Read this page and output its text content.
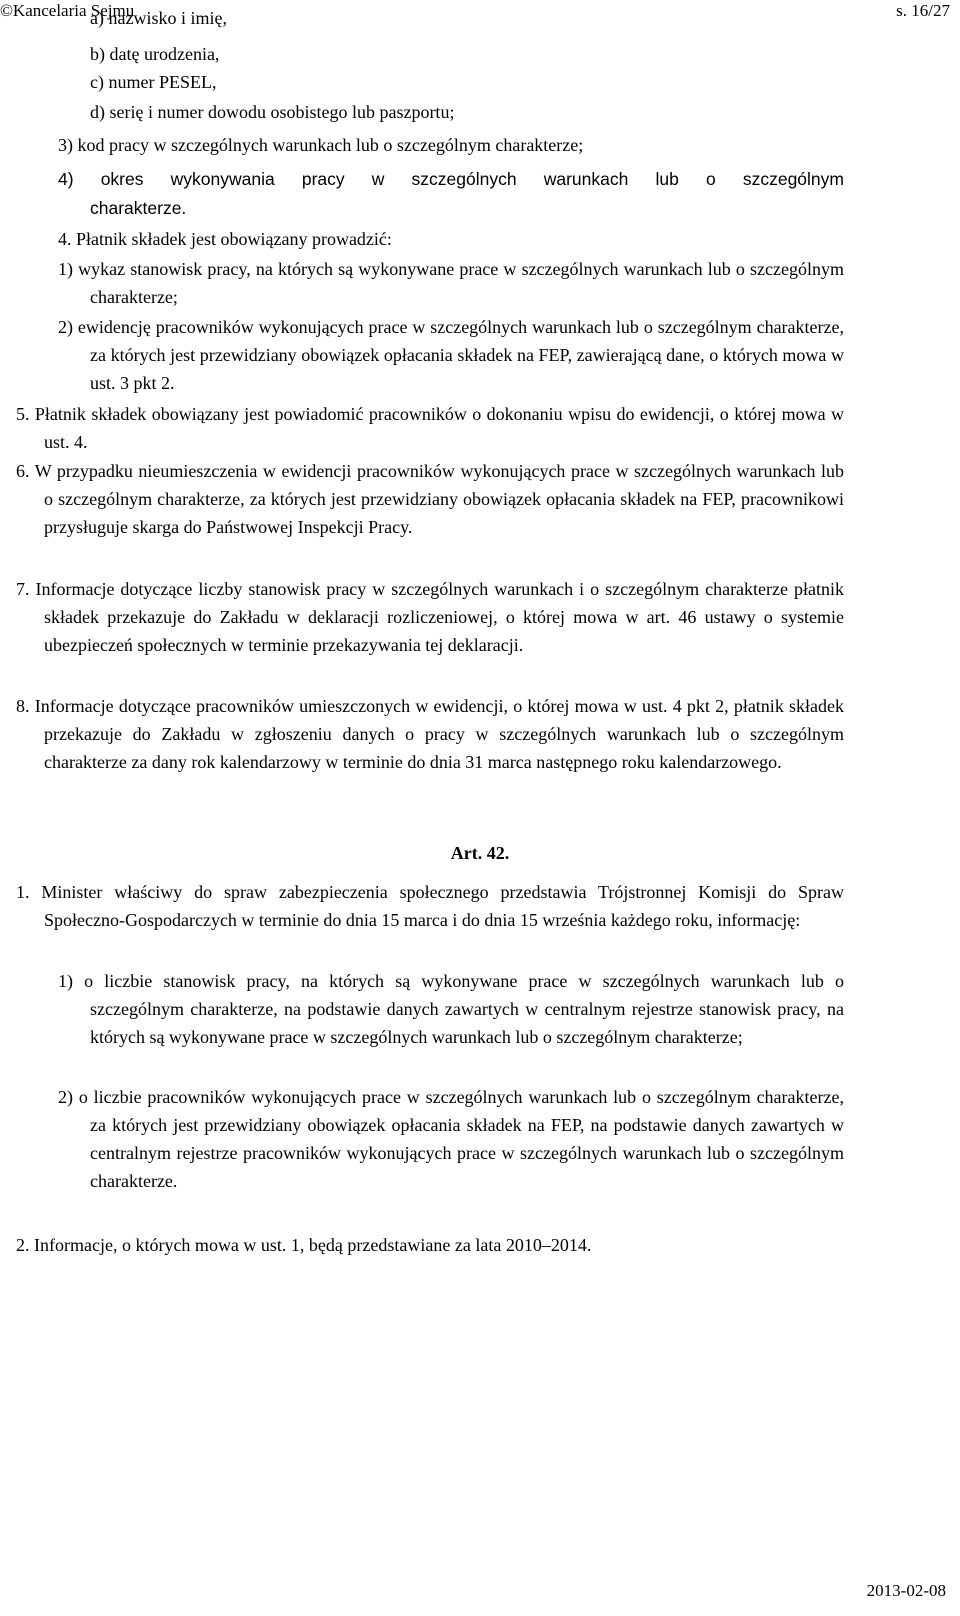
©Kancelaria Sejmu	s. 16/27
a) nazwisko i imię,
b) datę urodzenia,
c) numer PESEL,
d) serię i numer dowodu osobistego lub paszportu;
3) kod pracy w szczególnych warunkach lub o szczególnym charakterze;
4) okres wykonywania pracy w szczególnych warunkach lub o szczególnym
charakterze.
4. Płatnik składek jest obowiązany prowadzić:
1) wykaz stanowisk pracy, na których są wykonywane prace w szczególnych warunkach lub o szczególnym charakterze;
2) ewidencję pracowników wykonujących prace w szczególnych warunkach lub o szczególnym charakterze, za których jest przewidziany obowiązek opłacania składek na FEP, zawierającą dane, o których mowa w ust. 3 pkt 2.
5. Płatnik składek obowiązany jest powiadomić pracowników o dokonaniu wpisu do ewidencji, o której mowa w ust. 4.
6. W przypadku nieumieszczenia w ewidencji pracowników wykonujących prace w szczególnych warunkach lub o szczególnym charakterze, za których jest przewidziany obowiązek opłacania składek na FEP, pracownikowi przysługuje skarga do Państwowej Inspekcji Pracy.
7. Informacje dotyczące liczby stanowisk pracy w szczególnych warunkach i o szczególnym charakterze płatnik składek przekazuje do Zakładu w deklaracji rozliczeniowej, o której mowa w art. 46 ustawy o systemie ubezpieczeń społecznych w terminie przekazywania tej deklaracji.
8. Informacje dotyczące pracowników umieszczonych w ewidencji, o której mowa w ust. 4 pkt 2, płatnik składek przekazuje do Zakładu w zgłoszeniu danych o pracy w szczególnych warunkach lub o szczególnym charakterze za dany rok kalendarzowy w terminie do dnia 31 marca następnego roku kalendarzowego.
Art. 42.
1. Minister właściwy do spraw zabezpieczenia społecznego przedstawia Trójstronnej Komisji do Spraw Społeczno-Gospodarczych w terminie do dnia 15 marca i do dnia 15 września każdego roku, informację:
1) o liczbie stanowisk pracy, na których są wykonywane prace w szczególnych warunkach lub o szczególnym charakterze, na podstawie danych zawartych w centralnym rejestrze stanowisk pracy, na których są wykonywane prace w szczególnych warunkach lub o szczególnym charakterze;
2) o liczbie pracowników wykonujących prace w szczególnych warunkach lub o szczególnym charakterze, za których jest przewidziany obowiązek opłacania składek na FEP, na podstawie danych zawartych w centralnym rejestrze pracowników wykonujących prace w szczególnych warunkach lub o szczególnym charakterze.
2. Informacje, o których mowa w ust. 1, będą przedstawiane za lata 2010–2014.
2013-02-08
